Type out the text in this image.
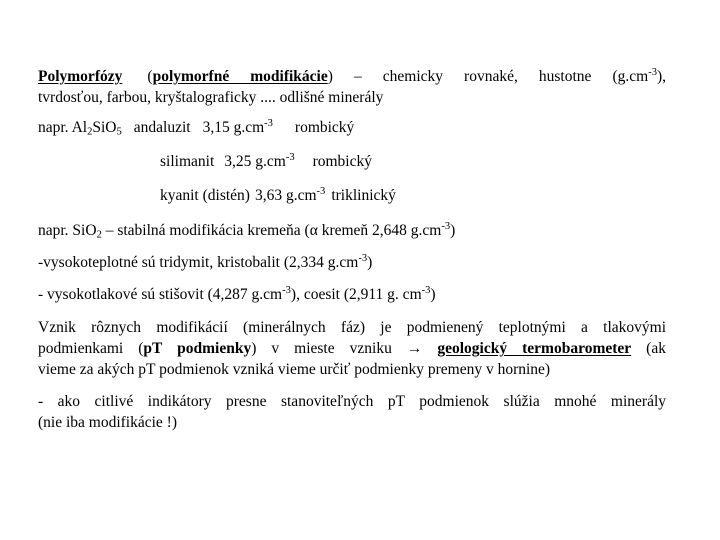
Polymorfózy (polymorfné modifikácie) – chemicky rovnaké, hustotne $(g.cm^{-3})$,
tvrdosťou, farbou, kryštalograficky .... odlišné minerály
napr. $Al_2SiO_5$ andaluzit 3,15 $g.cm^{-3}$ rombický
silimanit 3,25 $g.cm^{-3}$ rombický
kyanit (distén) 3,63 $g.cm^{-3}$ triklinický
napr. SiO$_2$ – stabilná modifikácia kremeňa (α kremeň 2,648 $g.cm^{-3}$)
-vysokoteplotné sú tridymit, kristobalit (2,334 $g.cm^{-3}$)
- vysokotlakové sú stišovit (4,287 $g.cm^{-3}$), coesit (2,911 g. $cm^{-3}$)
Vznik rôznych modifikácií (minerálnych fáz) je podmienený teplotnými a tlakovými
podmienkami (pT podmienky) v mieste vzniku → geologický termobarometer (ak
vieme za akých pT podmienok vzniká vieme určiť podmienky premeny v hornine)
- ako citlivé indikátory presne stanoviteľných pT podmienok slúžia mnohé minerály
(nie iba modifikácie !)
